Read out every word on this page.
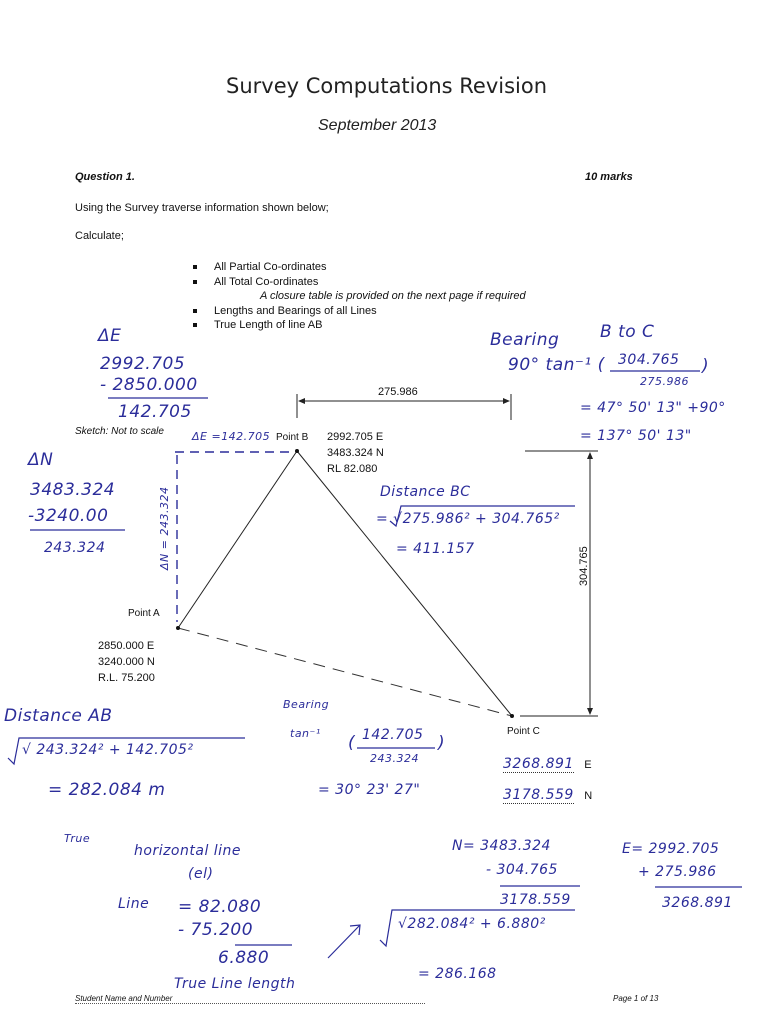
Survey Computations Revision
September 2013
Question 1.	10 marks
Using the Survey traverse information shown below;
Calculate;
All Partial Co-ordinates
All Total Co-ordinates
A closure table is provided on the next page if required
Lengths and Bearings of all Lines
True Length of line AB
Sketch: Not to scale
275.986
304.765
Point B 2992.705 E
3483.324 N
RL 82.080
Point A
2850.000 E
3240.000 N
R.L. 75.200
Point C
3268.891 E
3178.559 N
ΔE
2992.705
- 2850.000
142.705
ΔE =142.705
ΔN
3483.324
-3240.00
243.324	ΔN = 243.324
Bearing B to C
90° tan⁻¹ ( 304.765
275.986
)
= 47° 50' 13" +90°
= 137° 50' 13"
Distance BC
= √275.986² + 304.765²
= 411.157
Distance AB
√ 243.324² + 142.705²
= 282.084 m
Bearing
tan⁻¹ ( 142.705
243.324
)
= 30° 23' 27"
True
horizontal line
(el)
Line = 82.080
- 75.200
6.880
True Line length
N= 3483.324
- 304.765
3178.559
E= 2992.705
+ 275.986
3268.891
√282.084² + 6.880²
= 286.168
Student Name and Number	Page 1 of 13
